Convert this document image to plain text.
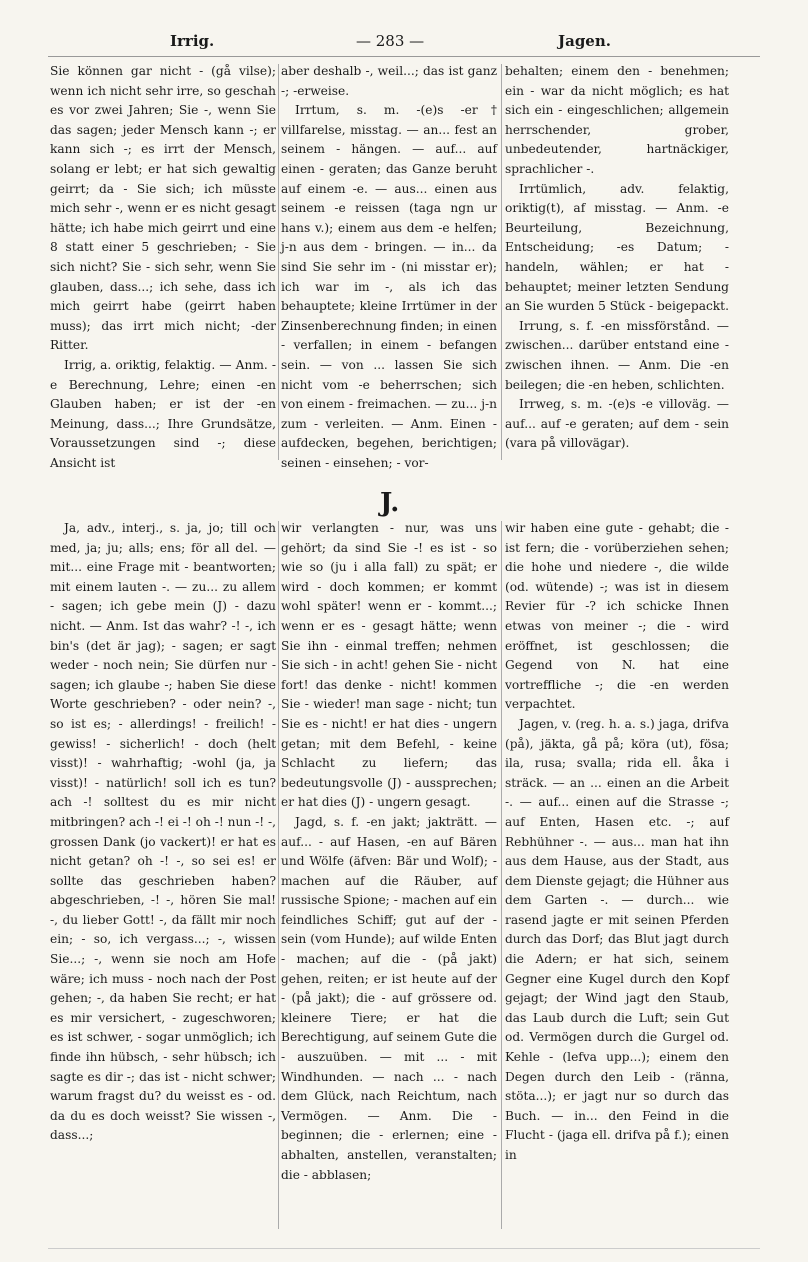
Irrig.	— 283 —	Jagen.

Sie können gar nicht - (gå vilse); wenn ich nicht sehr irre, so geschah es vor zwei Jahren; Sie -, wenn Sie das sagen; jeder Mensch kann -; er kann sich -; es irrt der Mensch, solang er lebt; er hat sich gewaltig geirrt; da - Sie sich; ich müsste mich sehr -, wenn er es nicht gesagt hätte; ich habe mich geirrt und eine 8 statt einer 5 geschrieben; - Sie sich nicht? Sie - sich sehr, wenn Sie glauben, dass...; ich sehe, dass ich mich geirrt habe (geirrt haben muss); das irrt mich nicht; -der Ritter.

Irrig, a. oriktig, felaktig. — Anm. -e Berechnung, Lehre; einen -en Glauben haben; er ist der -en Meinung, dass...; Ihre Grundsätze, Voraussetzungen sind -; diese Ansicht ist

aber deshalb -, weil...; das ist ganz -; -erweise.

Irrtum, s. m. -(e)s -er† villfarelse, misstag. — an... fest an seinem - hängen. — auf... auf einen - geraten; das Ganze beruht auf einem -e. — aus... einen aus seinem -e reissen (taga ngn ur hans v.); einem aus dem -e helfen; j-n aus dem - bringen. — in... da sind Sie sehr im - (ni misstar er); ich war im -, als ich das behauptete; kleine Irrtümer in der Zinsenberechnung finden; in einen - verfallen; in einem - befangen sein. — von ... lassen Sie sich nicht vom -e beherrschen; sich von einem - freimachen. — zu... j-n zum - verleiten. — Anm. Einen - aufdecken, begehen, berichtigen; seinen - einsehen; - vor-

behalten; einem den - benehmen; ein - war da nicht möglich; es hat sich ein - eingeschlichen; allgemein herrschender, grober, unbedeutender, hartnäckiger, sprachlicher -.

Irrtümlich, adv. felaktig, oriktig(t), af misstag. — Anm. -e Beurteilung, Bezeichnung, Entscheidung; -es Datum; - handeln, wählen; er hat - behauptet; meiner letzten Sendung an Sie wurden 5 Stück - beigepackt.

Irrung, s. f. -en missförstånd. — zwischen... darüber entstand eine - zwischen ihnen. — Anm. Die -en beilegen; die -en heben, schlichten.

Irrweg, s. m. -(e)s -e villoväg. — auf... auf -e geraten; auf dem - sein (vara på villovägar).

J.

Ja, adv., interj., s. ja, jo; till och med, ja; ju; alls; ens; för all del. — mit... eine Frage mit - beantworten; mit einem lauten -. — zu... zu allem - sagen; ich gebe mein (J) - dazu nicht. — Anm. Ist das wahr? -! -, ich bin's (det är jag); - sagen; er sagt weder - noch nein; Sie dürfen nur - sagen; ich glaube -; haben Sie diese Worte geschrieben? - oder nein? -, so ist es; - allerdings! - freilich! - gewiss! - sicherlich! - doch (helt visst)! - wahrhaftig; -wohl (ja, ja visst)! - natürlich! soll ich es tun? ach -! solltest du es mir nicht mitbringen? ach -! ei -! oh -! nun -! -, grossen Dank (jo vackert)! er hat es nicht getan? oh -! -, so sei es! er sollte das geschrieben haben? abgeschrieben, -! -, hören Sie mal! -, du lieber Gott! -, da fällt mir noch ein; - so, ich vergass...; -, wissen Sie...; -, wenn sie noch am Hofe wäre; ich muss - noch nach der Post gehen; -, da haben Sie recht; er hat es mir versichert, - zugeschworen; es ist schwer, - sogar unmöglich; ich finde ihn hübsch, - sehr hübsch; ich sagte es dir -; das ist - nicht schwer; warum fragst du? du weisst es - od. da du es doch weisst? Sie wissen -, dass...;

wir verlangten - nur, was uns gehört; da sind Sie -! es ist - so wie so (ju i alla fall) zu spät; er wird - doch kommen; er kommt wohl später! wenn er - kommt...; wenn er es - gesagt hätte; wenn Sie ihn - einmal treffen; nehmen Sie sich - in acht! gehen Sie - nicht fort! das denke - nicht! kommen Sie - wieder! man sage - nicht; tun Sie es - nicht! er hat dies - ungern getan; mit dem Befehl, - keine Schlacht zu liefern; das bedeutungsvolle (J) - aussprechen; er hat dies (J) - ungern gesagt.

Jagd, s. f. -en jakt; jakträtt. — auf... - auf Hasen, -en auf Bären und Wölfe (äfven: Bär und Wolf); - machen auf die Räuber, auf russische Spione; - machen auf ein feindliches Schiff; gut auf der - sein (vom Hunde); auf wilde Enten - machen; auf die - (på jakt) gehen, reiten; er ist heute auf der - (på jakt); die - auf grössere od. kleinere Tiere; er hat die Berechtigung, auf seinem Gute die - auszuüben. — mit ... - mit Windhunden. — nach ... - nach dem Glück, nach Reichtum, nach Vermögen. — Anm. Die - beginnen; die - erlernen; eine - abhalten, anstellen, veranstalten; die - abblasen;

wir haben eine gute - gehabt; die - ist fern; die - vorüberziehen sehen; die hohe und niedere -, die wilde (od. wütende) -; was ist in diesem Revier für -? ich schicke Ihnen etwas von meiner -; die - wird eröffnet, ist geschlossen; die Gegend von N. hat eine vortreffliche -; die -en werden verpachtet.

Jagen, v. (reg. h. a. s.) jaga, drifva (på), jäkta, gå på; köra (ut), fösa; ila, rusa; svalla; rida ell. åka i sträck. — an ... einen an die Arbeit -. — auf... einen auf die Strasse -; auf Enten, Hasen etc. -; auf Rebhühner -. — aus... man hat ihn aus dem Hause, aus der Stadt, aus dem Dienste gejagt; die Hühner aus dem Garten -. — durch... wie rasend jagte er mit seinen Pferden durch das Dorf; das Blut jagt durch die Adern; er hat sich, seinem Gegner eine Kugel durch den Kopf gejagt; der Wind jagt den Staub, das Laub durch die Luft; sein Gut od. Vermögen durch die Gurgel od. Kehle - (lefva upp...); einem den Degen durch den Leib - (ränna, stöta...); er jagt nur so durch das Buch. — in... den Feind in die Flucht - (jaga ell. drifva på f.); einen in
